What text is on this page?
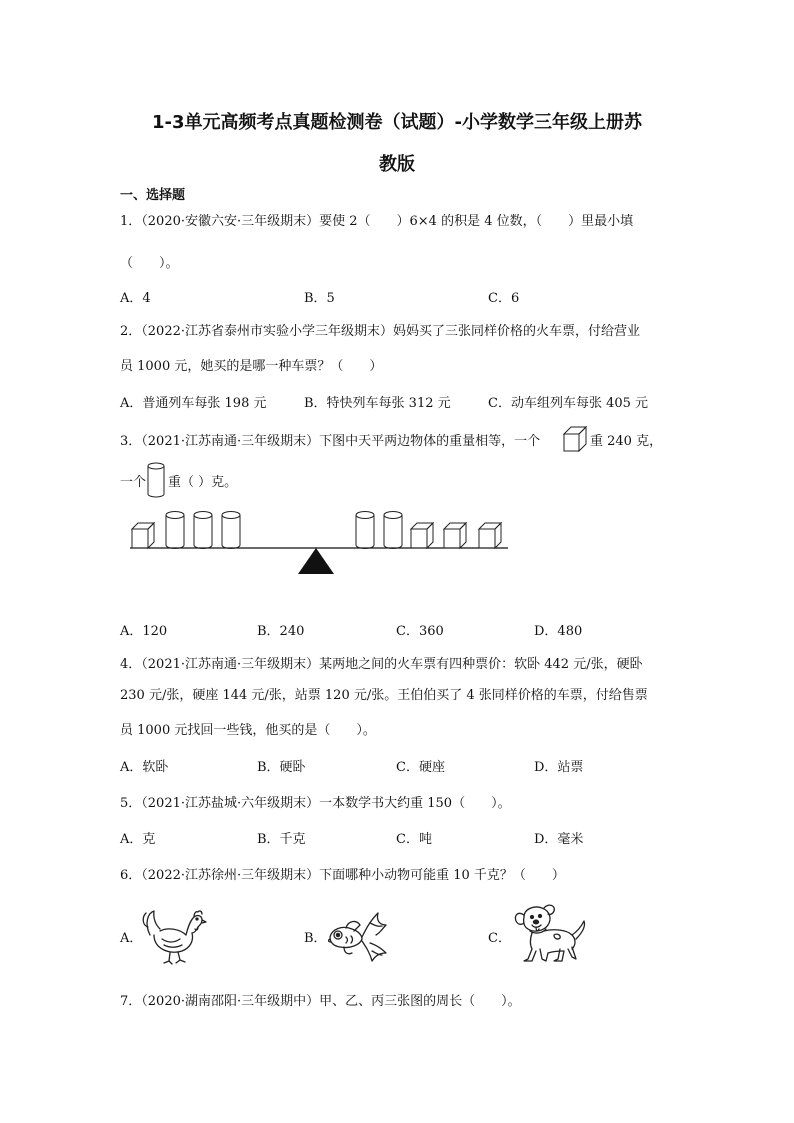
1-3单元高频考点真题检测卷（试题）-小学数学三年级上册苏
教版
一、选择题
1．（2020·安徽六安·三年级期末）要使 2（　　）6×4 的积是 4 位数，（　　）里最小填
（　　）。
A．4	B．5	C．6
2．（2022·江苏省泰州市实验小学三年级期末）妈妈买了三张同样价格的火车票，付给营业
员 1000 元，她买的是哪一种车票？（　　）
A．普通列车每张 198 元	B．特快列车每张 312 元	C．动车组列车每张 405 元
3．（2021·江苏南通·三年级期末）下图中天平两边物体的重量相等，一个	重 240 克，
一个 重（ ）克。
A．120	B．240	C．360	D．480
4．（2021·江苏南通·三年级期末）某两地之间的火车票有四种票价：软卧 442 元/张，硬卧
230 元/张，硬座 144 元/张，站票 120 元/张。王伯伯买了 4 张同样价格的车票，付给售票
员 1000 元找回一些钱，他买的是（　　）。
A．软卧	B．硬卧	C．硬座	D．站票
5．（2021·江苏盐城·六年级期末）一本数学书大约重 150（　　）。
A．克	B．千克	C．吨	D．毫米
6．（2022·江苏徐州·三年级期末）下面哪种小动物可能重 10 千克？（　　）
A．	B．	C．
7．（2020·湖南邵阳·三年级期中）甲、乙、丙三张图的周长（　　）。
